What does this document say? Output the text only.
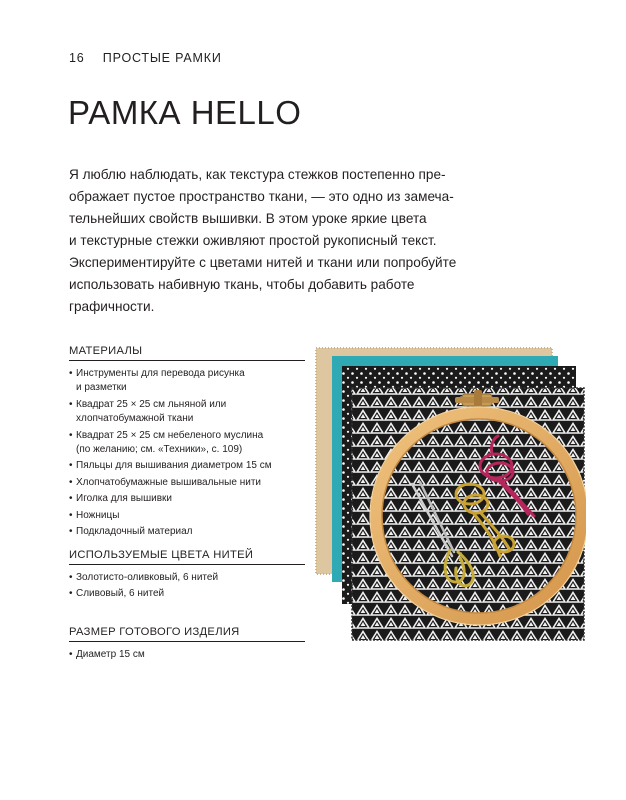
16 ПРОСТЫЕ РАМКИ
РАМКА HELLO

Я люблю наблюдать, как текстура стежков постепенно пре-
ображает пустое пространство ткани, — это одно из замеча-
тельнейших свойств вышивки. В этом уроке яркие цвета
и текстурные стежки оживляют простой рукописный текст.
Экспериментируйте с цветами нитей и ткани или попробуйте
использовать набивную ткань, чтобы добавить работе
графичности.

МАТЕРИАЛЫ
• Инструменты для перевода рисунка
и разметки
• Квадрат 25 × 25 см льняной или
хлопчатобумажной ткани
• Квадрат 25 × 25 см небеленого муслина
(по желанию; см. «Техники», с. 109)
• Пяльцы для вышивания диаметром 15 см
• Хлопчатобумажные вышивальные нити
• Иголка для вышивки
• Ножницы
• Подкладочный материал
ИСПОЛЬЗУЕМЫЕ ЦВЕТА НИТЕЙ
• Золотисто-оливковый, 6 нитей
• Сливовый, 6 нитей
РАЗМЕР ГОТОВОГО ИЗДЕЛИЯ
• Диаметр 15 см
